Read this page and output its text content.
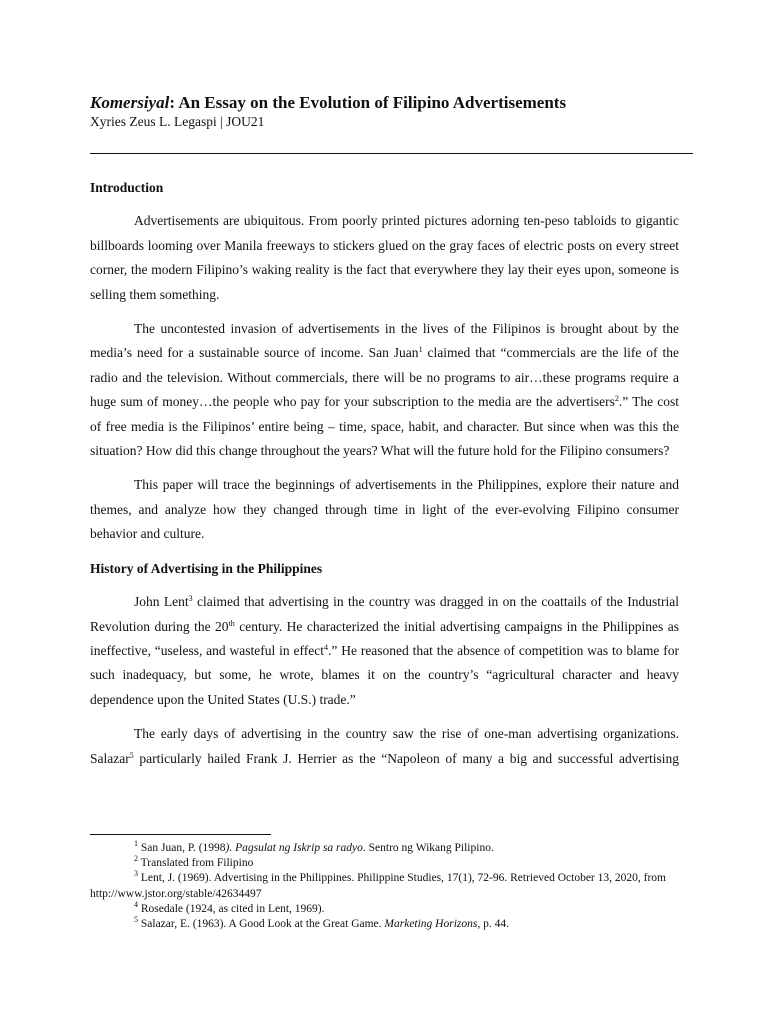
Komersiyal: An Essay on the Evolution of Filipino Advertisements
Xyries Zeus L. Legaspi | JOU21
Introduction

Advertisements are ubiquitous. From poorly printed pictures adorning ten-peso tabloids to gigantic billboards looming over Manila freeways to stickers glued on the gray faces of electric posts on every street corner, the modern Filipino’s waking reality is the fact that everywhere they lay their eyes upon, someone is selling them something.

The uncontested invasion of advertisements in the lives of the Filipinos is brought about by the media’s need for a sustainable source of income. San Juan$^1$ claimed that “commercials are the life of the radio and the television. Without commercials, there will be no programs to air…these programs require a huge sum of money…the people who pay for your subscription to the media are the advertisers$^2$.” The cost of free media is the Filipinos’ entire being – time, space, habit, and character. But since when was this the situation? How did this change throughout the years? What will the future hold for the Filipino consumers?

This paper will trace the beginnings of advertisements in the Philippines, explore their nature and themes, and analyze how they changed through time in light of the ever-evolving Filipino consumer behavior and culture.

History of Advertising in the Philippines

John Lent$^3$ claimed that advertising in the country was dragged in on the coattails of the Industrial Revolution during the 20th century. He characterized the initial advertising campaigns in the Philippines as ineffective, “useless, and wasteful in effect$^4$.” He reasoned that the absence of competition was to blame for such inadequacy, but some, he wrote, blames it on the country’s “agricultural character and heavy dependence upon the United States (U.S.) trade.”

The early days of advertising in the country saw the rise of one-man advertising organizations. Salazar$^5$ particularly hailed Frank J. Herrier as the “Napoleon of many a big and successful advertising

$^1$ San Juan, P. (1998). Pagsulat ng Iskrip sa radyo. Sentro ng Wikang Pilipino.

$^2$ Translated from Filipino

$^3$ Lent, J. (1969). Advertising in the Philippines. Philippine Studies, 17(1), 72-96. Retrieved October 13, 2020, from http://www.jstor.org/stable/42634497

$^4$ Rosedale (1924, as cited in Lent, 1969).

$^5$ Salazar, E. (1963). A Good Look at the Great Game. Marketing Horizons, p. 44.
